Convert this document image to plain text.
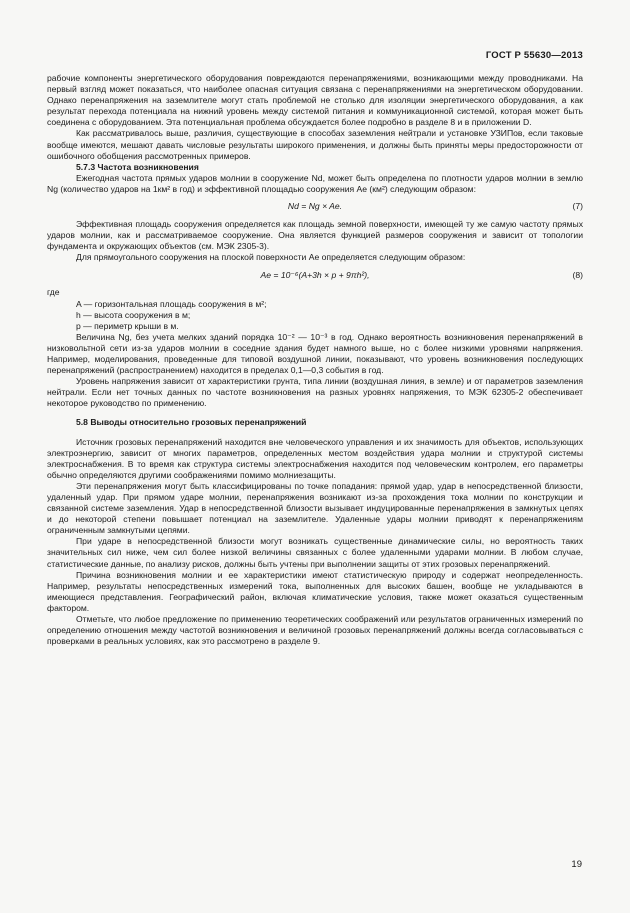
ГОСТ Р 55630—2013

рабочие компоненты энергетического оборудования повреждаются перенапряжениями, возникающими между проводниками. На первый взгляд может показаться, что наиболее опасная ситуация связана с перенапряжениями на энергетическом оборудовании. Однако перенапряжения на заземлителе могут стать проблемой не столько для изоляции энергетического оборудования, а как результат перехода потенциала на нижний уровень между системой питания и коммуникационной системой, которая может быть соединена с оборудованием. Эта потенциальная проблема обсуждается более подробно в разделе 8 и в приложении D.

Как рассматривалось выше, различия, существующие в способах заземления нейтрали и установке УЗИПов, если таковые вообще имеются, мешают давать числовые результаты широкого применения, и должны быть приняты меры предосторожности от ошибочного обобщения рассмотренных примеров.

5.7.3 Частота возникновения

Ежегодная частота прямых ударов молнии в сооружение Nd, может быть определена по плотности ударов молнии в землю Ng (количество ударов на 1км² в год) и эффективной площадью сооружения Ae (км²) следующим образом:

Nd = Ng × Ae.	(7)

Эффективная площадь сооружения определяется как площадь земной поверхности, имеющей ту же самую частоту прямых ударов молнии, как и рассматриваемое сооружение. Она является функцией размеров сооружения и зависит от топологии фундамента и окружающих объектов (см. МЭК 2305-3).

Для прямоугольного сооружения на плоской поверхности Ae определяется следующим образом:

Ae = 10⁻⁶(A+3h × p + 9πh²),	(8)

где

A — горизонтальная площадь сооружения в м²;

h — высота сооружения в м;

p — периметр крыши в м.

Величина Ng, без учета мелких зданий порядка 10⁻² — 10⁻³ в год. Однако вероятность возникновения перенапряжений в низковольтной сети из-за ударов молнии в соседние здания будет намного выше, но с более низкими уровнями напряжения. Например, моделирования, проведенные для типовой воздушной линии, показывают, что уровень возникновения последующих перенапряжений (распространением) находится в пределах 0,1—0,3 события в год.

Уровень напряжения зависит от характеристики грунта, типа линии (воздушная линия, в земле) и от параметров заземления нейтрали. Если нет точных данных по частоте возникновения на разных уровнях напряжения, то МЭК 62305-2 обеспечивает некоторое руководство по применению.

5.8 Выводы относительно грозовых перенапряжений

Источник грозовых перенапряжений находится вне человеческого управления и их значимость для объектов, использующих электроэнергию, зависит от многих параметров, определенных местом воздействия удара молнии и структурой системы электроснабжения. В то время как структура системы электроснабжения находится под человеческим контролем, его параметры обычно определяются другими соображениями помимо молниезащиты.

Эти перенапряжения могут быть классифицированы по точке попадания: прямой удар, удар в непосредственной близости, удаленный удар. При прямом ударе молнии, перенапряжения возникают из-за прохождения тока молнии по конструкции и связанной системе заземления. Удар в непосредственной близости вызывает индуцированные перенапряжения в замкнутых цепях и до некоторой степени повышает потенциал на заземлителе. Удаленные удары молнии приводят к перенапряжениям ограниченным замкнутыми цепями.

При ударе в непосредственной близости могут возникать существенные динамические силы, но вероятность таких значительных сил ниже, чем сил более низкой величины связанных с более удаленными ударами молнии. В любом случае, статистические данные, по анализу рисков, должны быть учтены при выполнении защиты от этих грозовых перенапряжений.

Причина возникновения молнии и ее характеристики имеют статистическую природу и содержат неопределенность. Например, результаты непосредственных измерений тока, выполненных для высоких башен, вообще не укладываются в имеющиеся представления. Географический район, включая климатические условия, также может оказаться существенным фактором.

Отметьте, что любое предложение по применению теоретических соображений или результатов ограниченных измерений по определению отношения между частотой возникновения и величиной грозовых перенапряжений должны всегда согласовываться с проверками в реальных условиях, как это рассмотрено в разделе 9.

19
